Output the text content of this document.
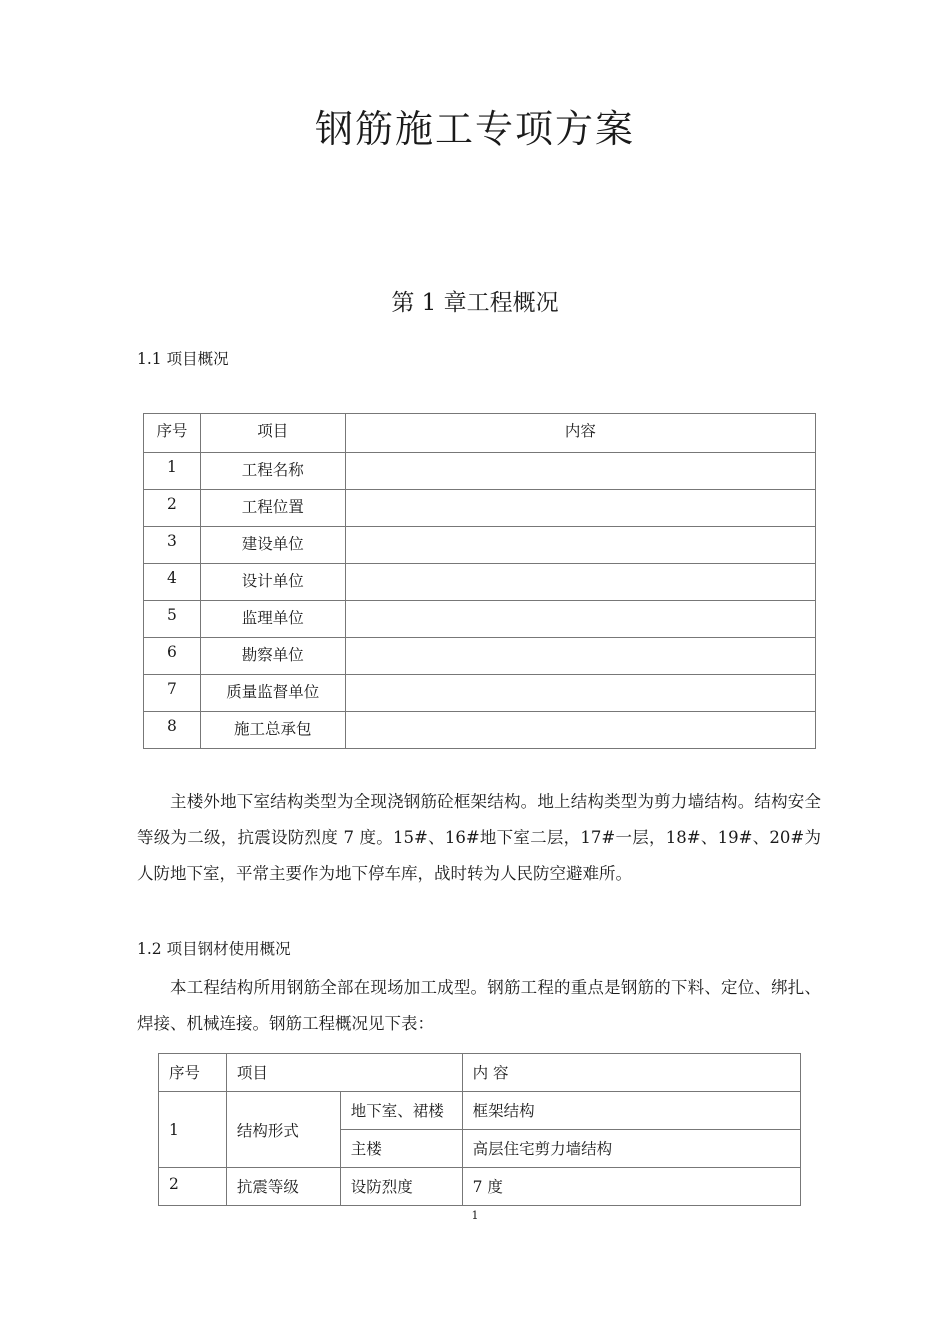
钢筋施工专项方案
第 1 章工程概况
1.1 项目概况
序号	项目	内容
1	工程名称	
2	工程位置	
3	建设单位	
4	设计单位	
5	监理单位	
6	勘察单位	
7	质量监督单位	
8	施工总承包	

主楼外地下室结构类型为全现浇钢筋砼框架结构。地上结构类型为剪力墙结构。结构安全等级为二级，抗震设防烈度 7 度。15#、16#地下室二层，17#一层，18#、19#、20#为人防地下室，平常主要作为地下停车库，战时转为人民防空避难所。

1.2 项目钢材使用概况

本工程结构所用钢筋全部在现场加工成型。钢筋工程的重点是钢筋的下料、定位、绑扎、焊接、机械连接。钢筋工程概况见下表：

序号	项目		内 容
1	结构形式	地下室、裙楼	框架结构
		主楼	高层住宅剪力墙结构
2	抗震等级	设防烈度	7 度
1
